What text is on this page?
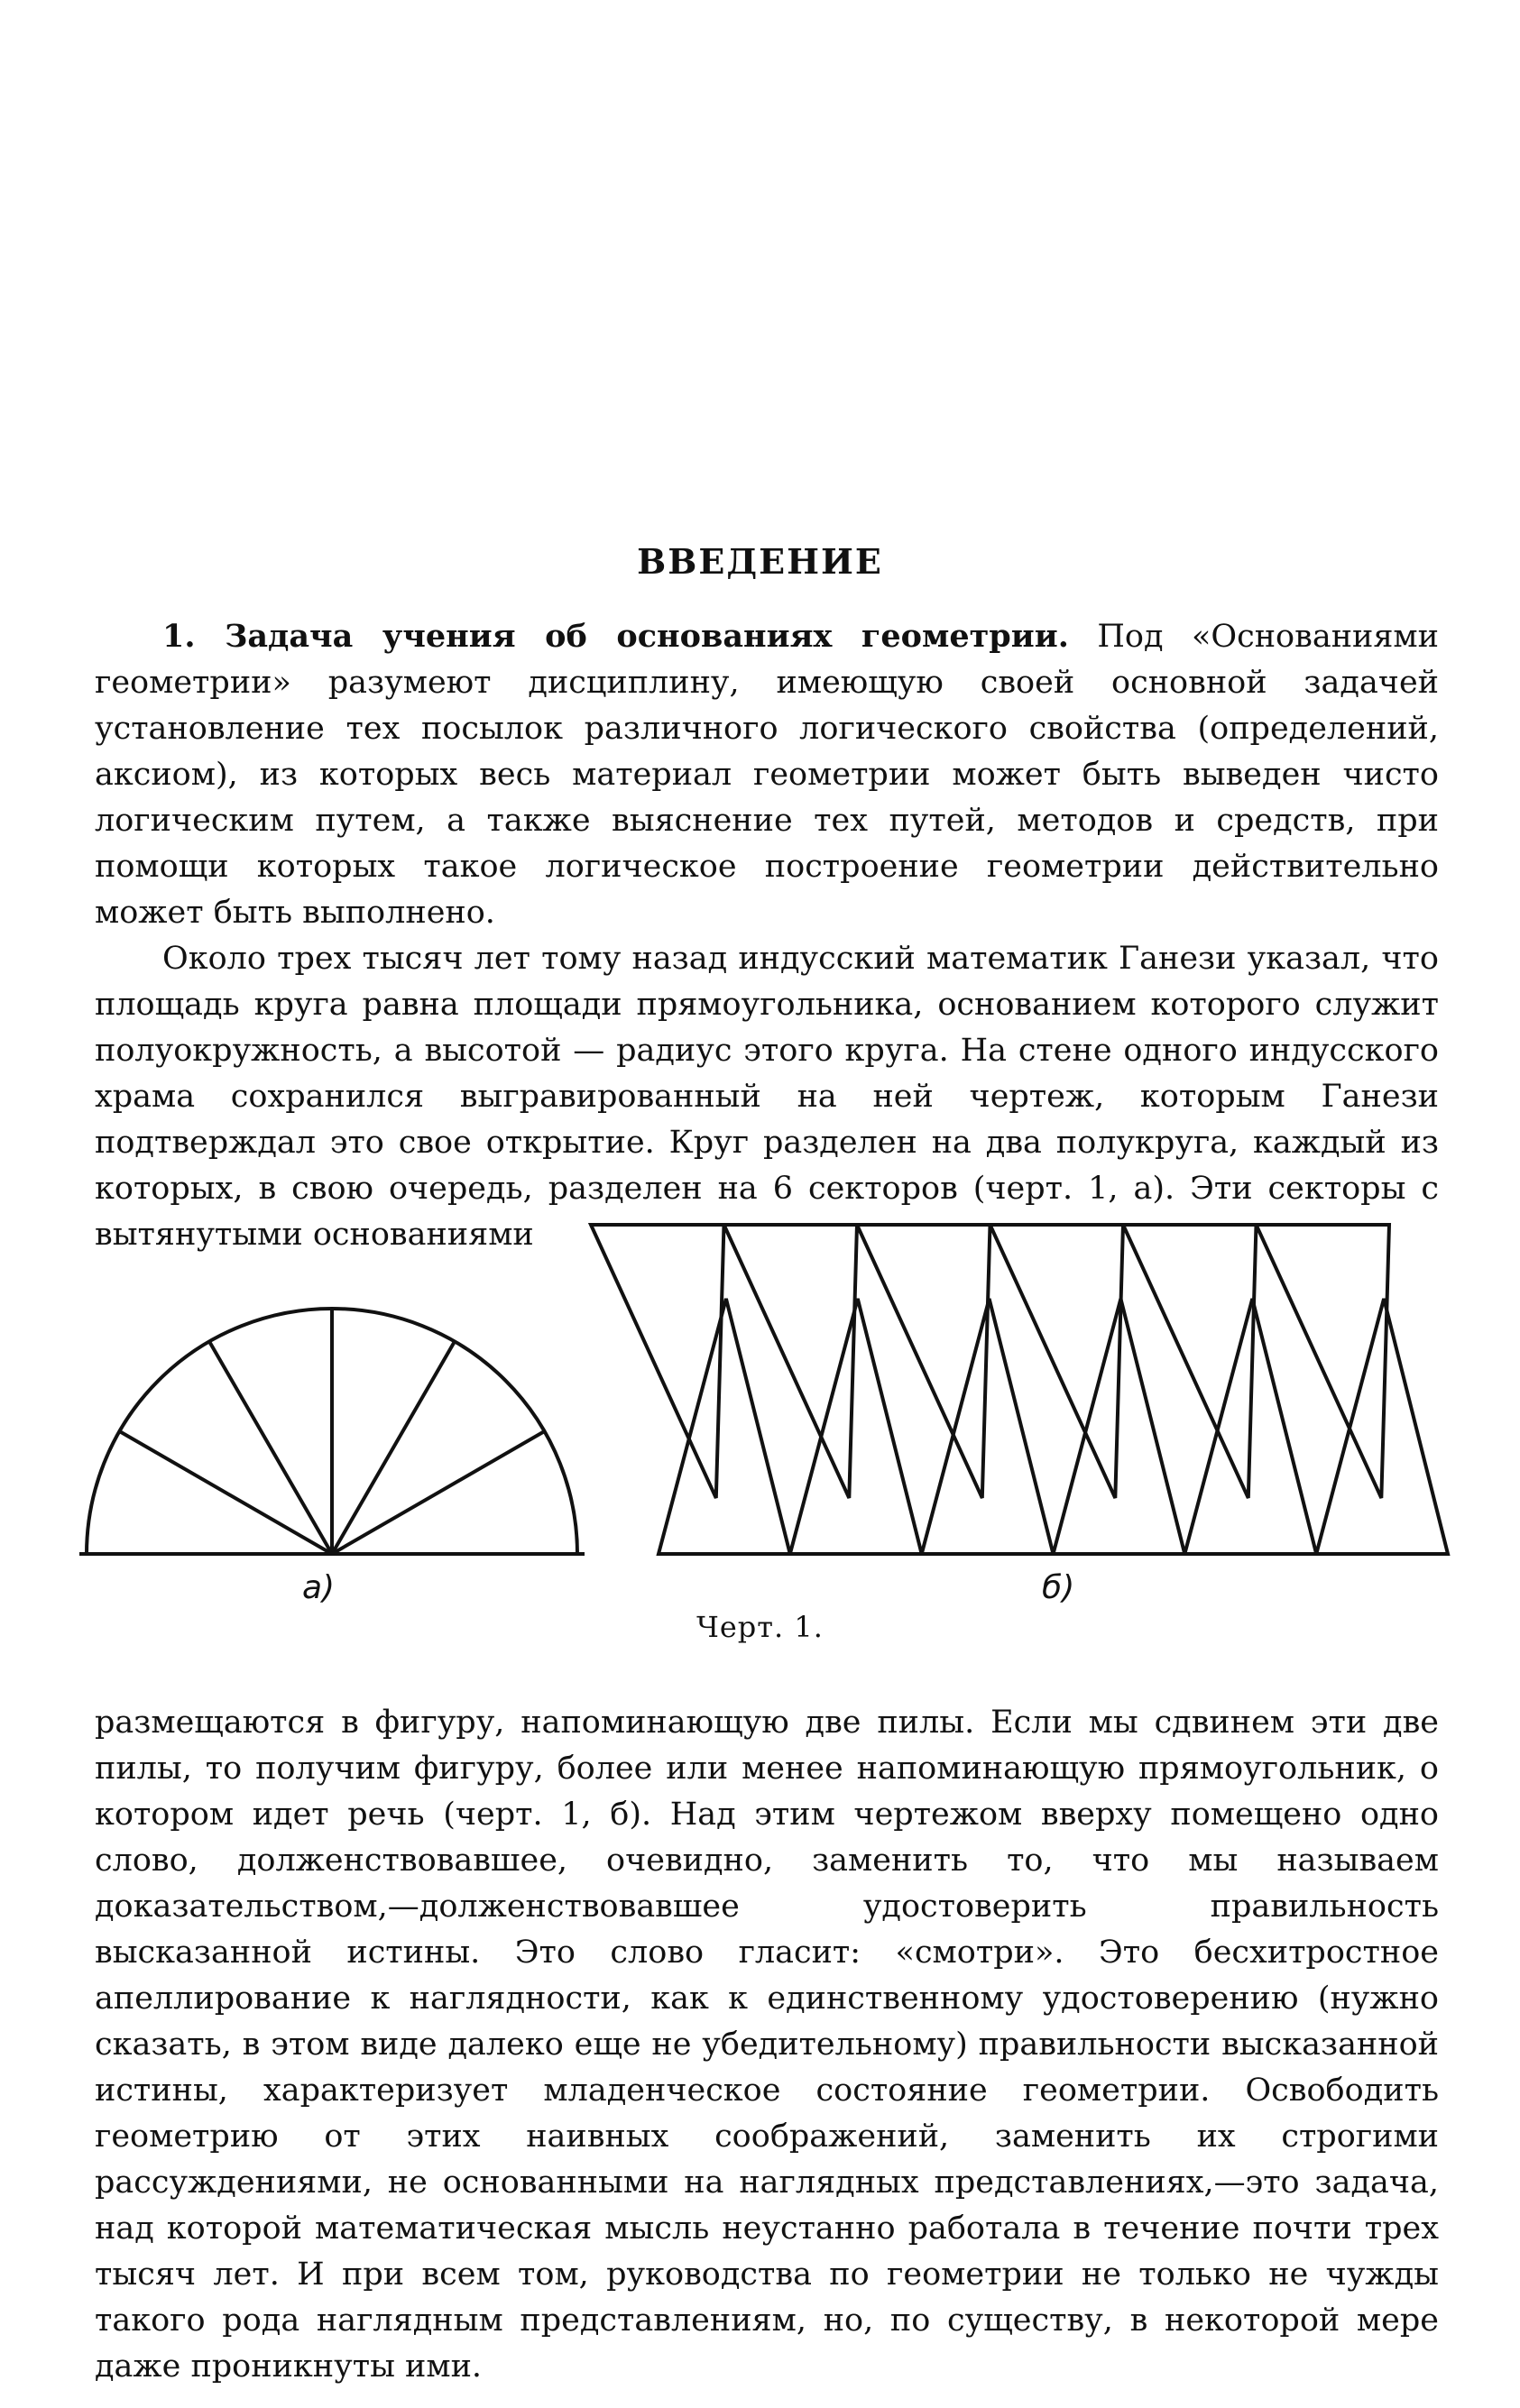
ВВЕДЕНИЕ

1. Задача учения об основаниях геометрии. Под «Основаниями геометрии» разумеют дисциплину, имеющую своей основной задачей установление тех посылок различного логического свойства (определений, аксиом), из которых весь материал геометрии может быть выведен чисто логическим путем, а также выяснение тех путей, методов и средств, при помощи которых такое логическое построение геометрии действительно может быть выполнено.

Около трех тысяч лет тому назад индусский математик Ганези указал, что площадь круга равна площади прямоугольника, основанием которого служит полуокружность, а высотой — радиус этого круга. На стене одного индусского храма сохранился выгравированный на ней чертеж, которым Ганези подтверждал это свое открытие. Круг разделен на два полукруга, каждый из которых, в свою очередь, разделен на 6 секторов (черт. 1, а). Эти секторы с вытянутыми основаниями

а)	б)
Черт. 1.

размещаются в фигуру, напоминающую две пилы. Если мы сдвинем эти две пилы, то получим фигуру, более или менее напоминающую прямоугольник, о котором идет речь (черт. 1, б). Над этим чертежом вверху помещено одно слово, долженствовавшее, очевидно, заменить то, что мы называем доказательством,—долженствовавшее удостоверить правильность высказанной истины. Это слово гласит: «смотри». Это бесхитростное апеллирование к наглядности, как к единственному удостоверению (нужно сказать, в этом виде далеко еще не убедительному) правильности высказанной истины, характеризует младенческое состояние геометрии. Освободить геометрию от этих наивных соображений, заменить их строгими рассуждениями, не основанными на наглядных представлениях,—это задача, над которой математическая мысль неустанно работала в течение почти трех тысяч лет. И при всем том, руководства по геометрии не только не чужды такого рода наглядным представлениям, но, по существу, в некоторой мере даже проникнуты ими.
